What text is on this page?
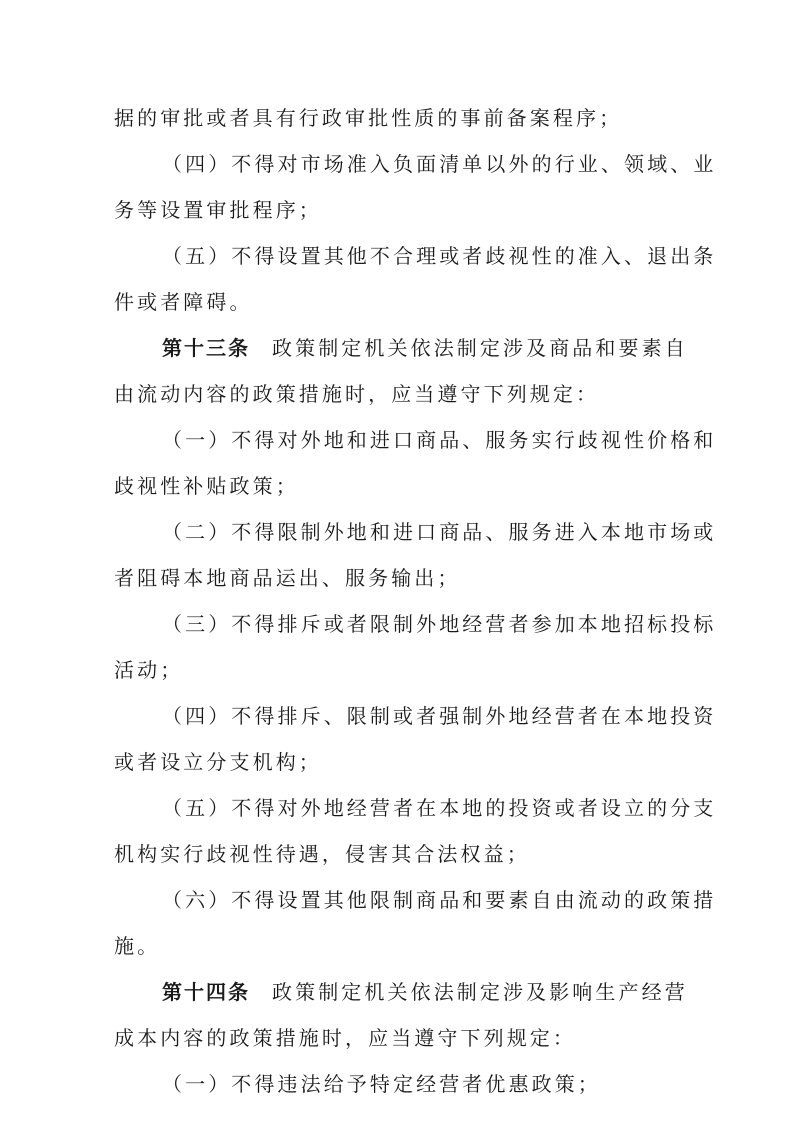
据的审批或者具有行政审批性质的事前备案程序；
（四）不得对市场准入负面清单以外的行业、领域、业
务等设置审批程序；
（五）不得设置其他不合理或者歧视性的准入、退出条
件或者障碍。
第十三条 政策制定机关依法制定涉及商品和要素自
由流动内容的政策措施时，应当遵守下列规定：
（一）不得对外地和进口商品、服务实行歧视性价格和
歧视性补贴政策；
（二）不得限制外地和进口商品、服务进入本地市场或
者阻碍本地商品运出、服务输出；
（三）不得排斥或者限制外地经营者参加本地招标投标
活动；
（四）不得排斥、限制或者强制外地经营者在本地投资
或者设立分支机构；
（五）不得对外地经营者在本地的投资或者设立的分支
机构实行歧视性待遇，侵害其合法权益；
（六）不得设置其他限制商品和要素自由流动的政策措
施。
第十四条 政策制定机关依法制定涉及影响生产经营
成本内容的政策措施时，应当遵守下列规定：
（一）不得违法给予特定经营者优惠政策；
